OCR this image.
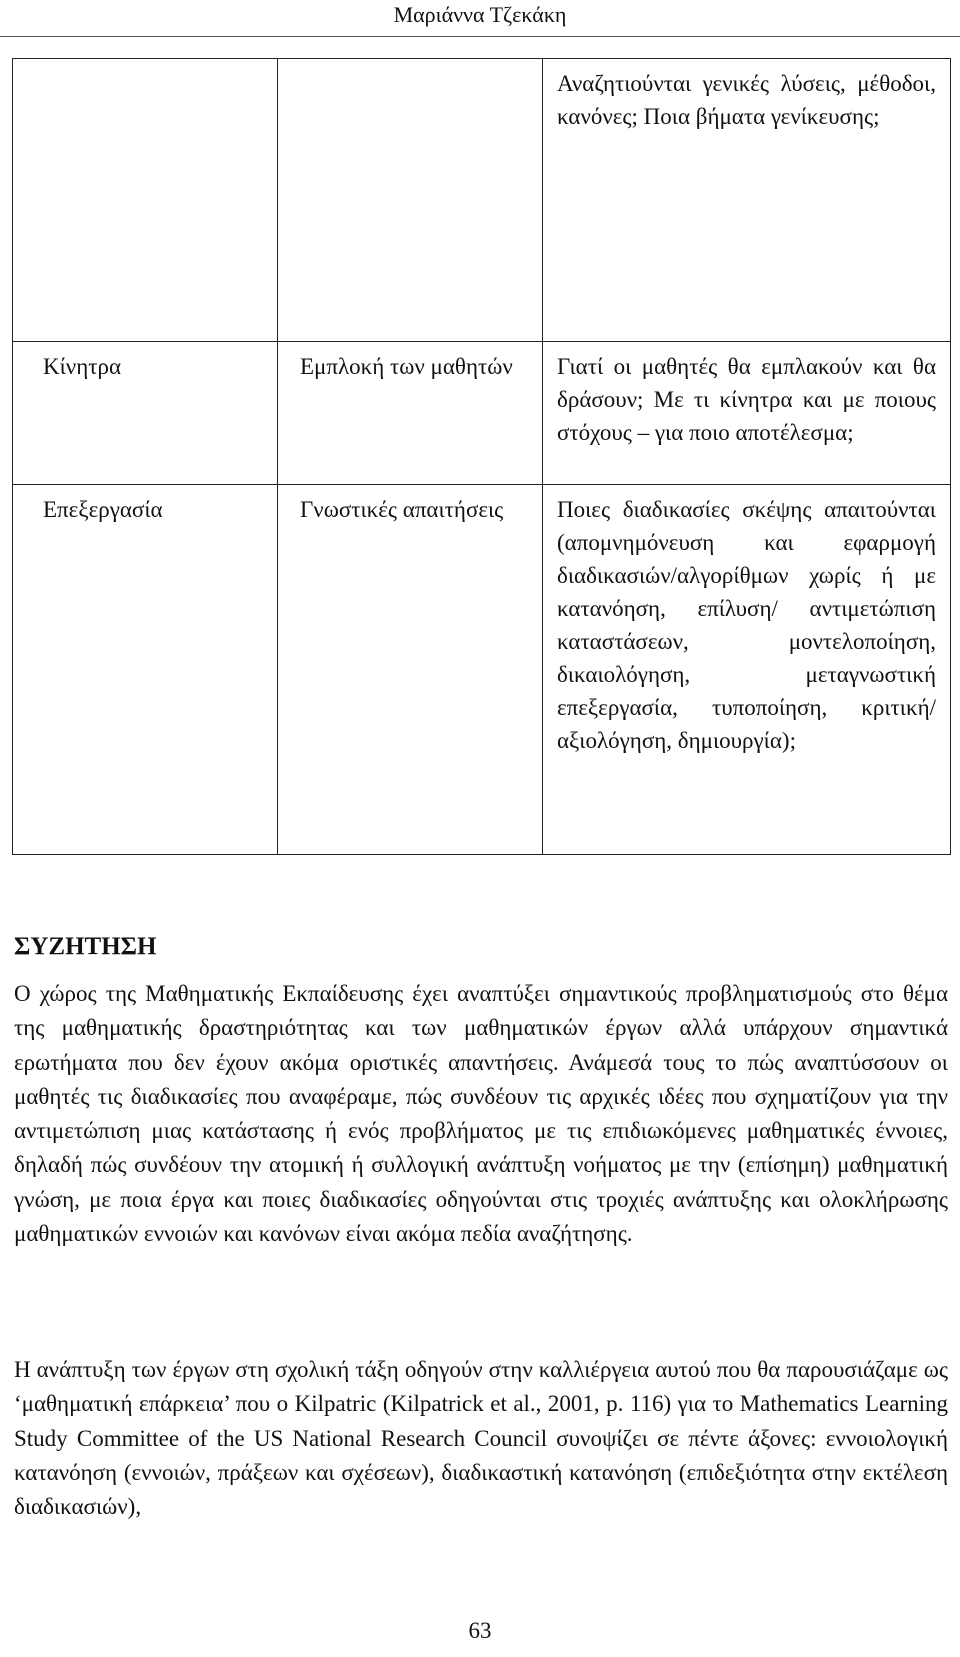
Μαριάννα Τζεκάκη

		Αναζητιούνται γενικές λύσεις, μέθοδοι, κανόνες; Ποια βήματα γενίκευσης;

Κίνητρα	Εμπλοκή των μαθητών	Γιατί οι μαθητές θα εμπλακούν και θα δράσουν; Με τι κίνητρα και με ποιους στόχους – για ποιο αποτέλεσμα;

Επεξεργασία	Γνωστικές απαιτήσεις	Ποιες διαδικασίες σκέψης απαιτούνται (απομνημόνευση και εφαρμογή διαδικασιών/αλγορίθμων χωρίς ή με κατανόηση, επίλυση/ αντιμετώπιση καταστάσεων, μοντελοποίηση, δικαιολόγηση, μεταγνωστική επεξεργασία, τυποποίηση, κριτική/ αξιολόγηση, δημιουργία);
ΣΥΖΗΤΗΣΗ

Ο χώρος της Μαθηματικής Εκπαίδευσης έχει αναπτύξει σημαντικούς προβληματισμούς στο θέμα της μαθηματικής δραστηριότητας και των μαθηματικών έργων αλλά υπάρχουν σημαντικά ερωτήματα που δεν έχουν ακόμα οριστικές απαντήσεις. Ανάμεσά τους το πώς αναπτύσσουν οι μαθητές τις διαδικασίες που αναφέραμε, πώς συνδέουν τις αρχικές ιδέες που σχηματίζουν για την αντιμετώπιση μιας κατάστασης ή ενός προβλήματος με τις επιδιωκόμενες μαθηματικές έννοιες, δηλαδή πώς συνδέουν την ατομική ή συλλογική ανάπτυξη νοήματος με την (επίσημη) μαθηματική γνώση, με ποια έργα και ποιες διαδικασίες οδηγούνται στις τροχιές ανάπτυξης και ολοκλήρωσης μαθηματικών εννοιών και κανόνων είναι ακόμα πεδία αναζήτησης.

Η ανάπτυξη των έργων στη σχολική τάξη οδηγούν στην καλλιέργεια αυτού που θα παρουσιάζαμε ως ‘μαθηματική επάρκεια’ που ο Kilpatric (Kilpatrick et al., 2001, p. 116) για το Mathematics Learning Study Committee of the US National Research Council συνοψίζει σε πέντε άξονες: εννοιολογική κατανόηση (εννοιών, πράξεων και σχέσεων), διαδικαστική κατανόηση (επιδεξιότητα στην εκτέλεση διαδικασιών),

63
